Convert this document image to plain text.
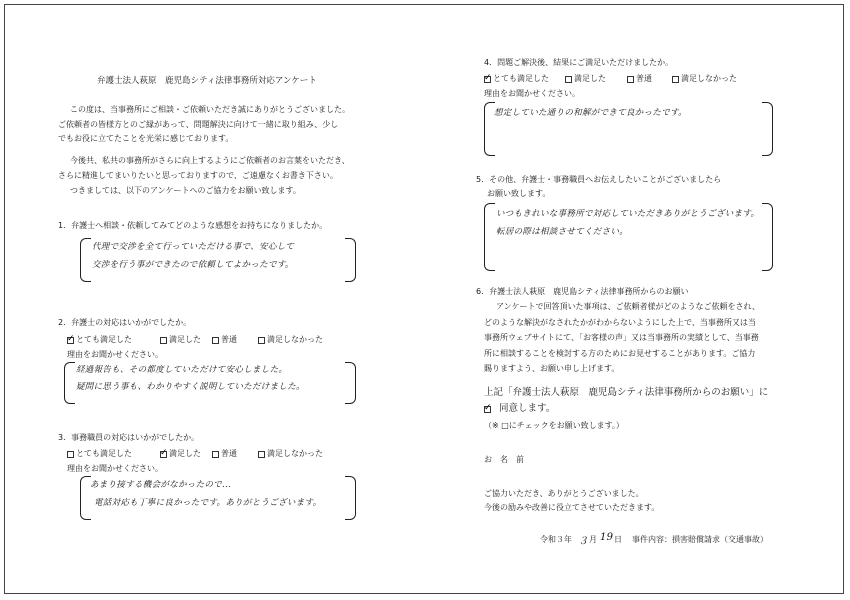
弁護士法人萩原　鹿児島シティ法律事務所対応アンケート
この度は、当事務所にご相談・ご依頼いただき誠にありがとうございました。
ご依頼者の皆様方とのご縁があって、問題解決に向けて一緒に取り組み、少し
でもお役に立てたことを光栄に感じております。
今後共、私共の事務所がさらに向上するようにご依頼者のお言葉をいただき、
さらに精進してまいりたいと思っておりますので、ご遠慮なくお書き下さい。
つきましては、以下のアンケートへのご協力をお願い致します。
1．弁護士へ相談・依頼してみてどのような感想をお持ちになりましたか。
代理で交渉を全て行っていただける事で、安心して
交渉を行う事ができたので依頼してよかったです。
2．弁護士の対応はいかがでしたか。
✓
とても満足した	満足した	普通	満足しなかった
理由をお聞かせください。
経過報告も、その都度していただけて安心しました。
疑問に思う事も、わかりやすく説明していただけました。
3．事務職員の対応はいかがでしたか。
とても満足した
✓	満足した	普通	満足しなかった
理由をお聞かせください。
あまり接する機会がなかったので...
電話対応も丁寧に良かったです。ありがとうございます。
4．問題ご解決後、結果にご満足いただけましたか。
✓
とても満足した	満足した	普通	満足しなかった
理由をお聞かせください。
想定していた通りの和解ができて良かったです。
5．その他、弁護士・事務職員へお伝えしたいことがございましたら
お願い致します。
いつもきれいな事務所で対応していただきありがとうございます。
転居の際は相談させてください。
6．弁護士法人萩原　鹿児島シティ法律事務所からのお願い
アンケートで回答頂いた事項は、ご依頼者様がどのようなご依頼をされ、
どのような解決がなされたかがわからないようにした上で、当事務所又は当
事務所ウェブサイトにて、「お客様の声」又は当事務所の実績として、当事務
所に相談することを検討する方のためにお見せすることがあります。ご協力
賜りますよう、お願い申し上げます。
上記「弁護士法人萩原　鹿児島シティ法律事務所からのお願い」に
✓
同意します。
（※ □にチェックをお願い致します。）
お　名　前
ご協力いただき、ありがとうございました。
今後の励みや改善に役立てさせていただきます。
令和３年 ３ 月 19 日 事件内容：損害賠償請求（交通事故）
